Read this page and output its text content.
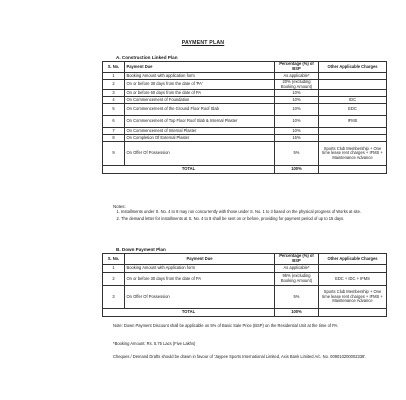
PAYMENT PLAN
A. Construction Linked Plan
S. No.	Payment Due	Percentage (%) of BSP	Other Applicable Charges
1	Booking Amount with application form	As applicable*	
2	On or before 30 days from the date of 'PA'	20% (excluding Booking Amount)	
3	On or before 60 days from the date of PA	10%	
4	On Commencement of Foundation	10%	IDC
5	On Commencement of the Ground Floor Roof Slab	10%	EDC
6	On Commencement of Top Floor Roof Slab & Internal Plaster	10%	IFMS
7	On Commencement of Internal Plaster	10%	
8	On Completion Of External Plaster	15%	
9	On Offer Of Possession	5%	Sports Club Membership + One time lease rent charges + IFMS + Maintenance Advance
TOTAL		100%	
Notes:
1. Installments under S. No. 4 to 8 may run concurrently with those under S. No. 1 to 3 based on the physical progress of Works at site.
2. The demand letter for installments at S. No. 4 to 8 shall be sent on or before, providing for payment period of up to 15 days.
B. Down Payment Plan
S. No.	Payment Due	Percentage (%) of BSP	Other Applicable Charges
1	Booking Amount with Application form	As applicable*	
2	On or before 30 days from the date of PA	95% (excluding Booking Amount)	EDC + IDC + IFMS
3	On Offer Of Possession	5%	Sports Club Membership + One time lease rent charges + IFMS + Maintenance Advance
TOTAL		100%	
Note: Down Payment Discount shall be applicable on 5% of Basic Sale Price (BSP) on the Residential Unit at the time of PA.
*Booking Amount: Rs. 5.75 Lacs (Five Lakhs)
Cheques / Demand Drafts should be drawn in favour of 'Jaypee Sports International Limited, Axis Bank Limited A/c. No. 009010200002338'.
